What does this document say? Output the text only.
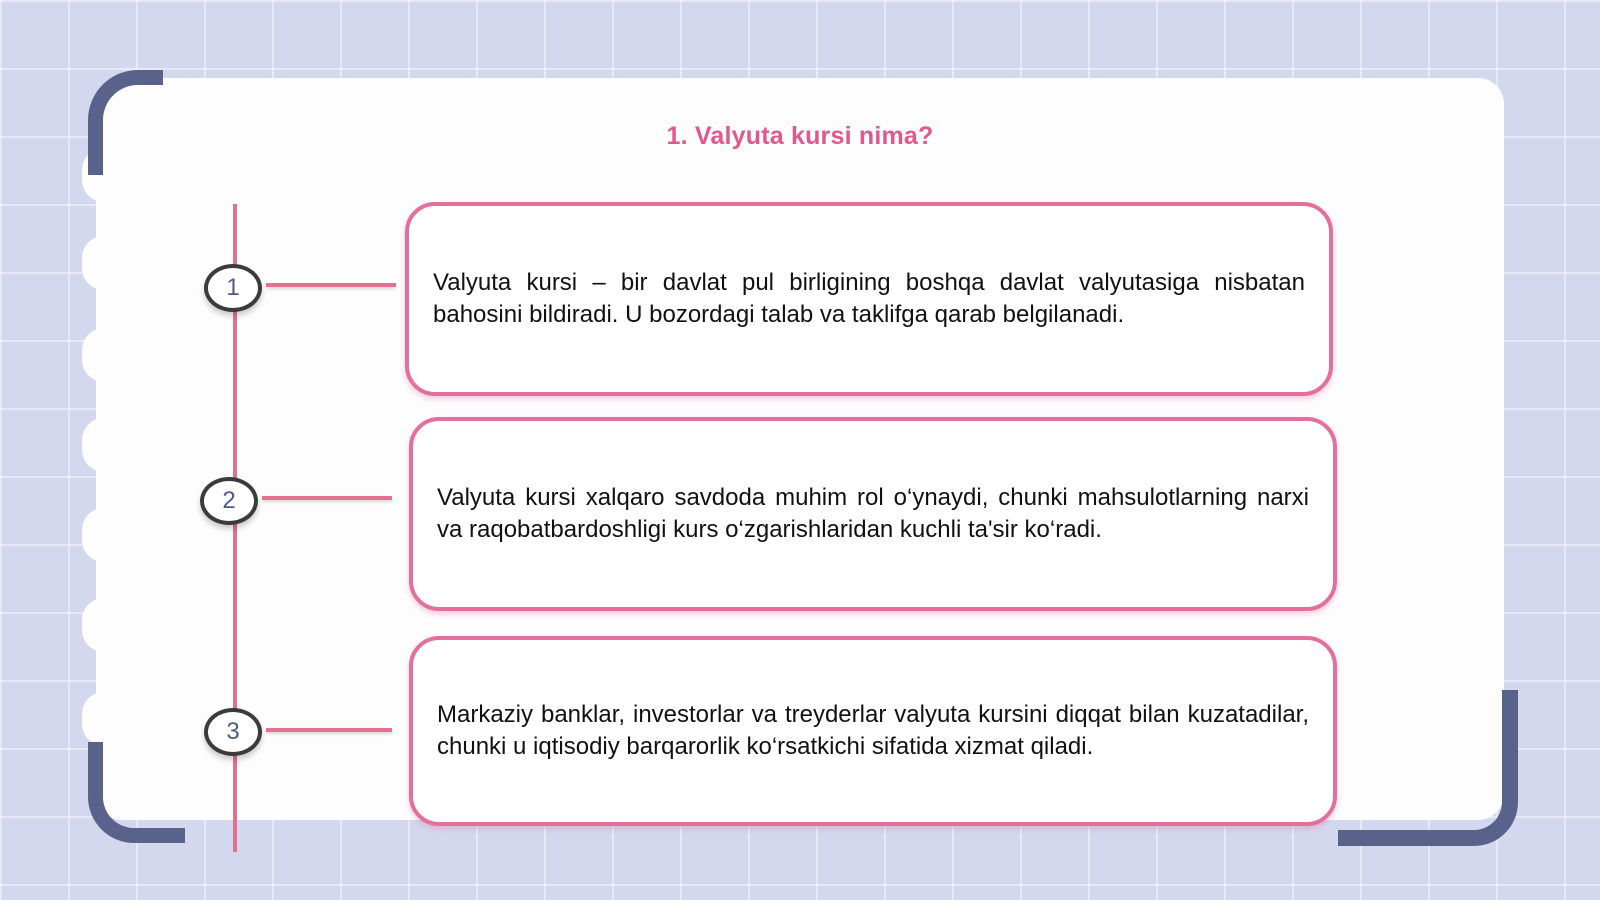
1. Valyuta kursi nima?
1
2
3

Valyuta kursi – bir davlat pul birligining boshqa davlat valyutasiga nisbatan bahosini bildiradi. U bozordagi talab va taklifga qarab belgilanadi.

Valyuta kursi xalqaro savdoda muhim rol o‘ynaydi, chunki mahsulotlarning narxi va raqobatbardoshligi kurs o‘zgarishlaridan kuchli ta'sir ko‘radi.

Markaziy banklar, investorlar va treyderlar valyuta kursini diqqat bilan kuzatadilar, chunki u iqtisodiy barqarorlik ko‘rsatkichi sifatida xizmat qiladi.
